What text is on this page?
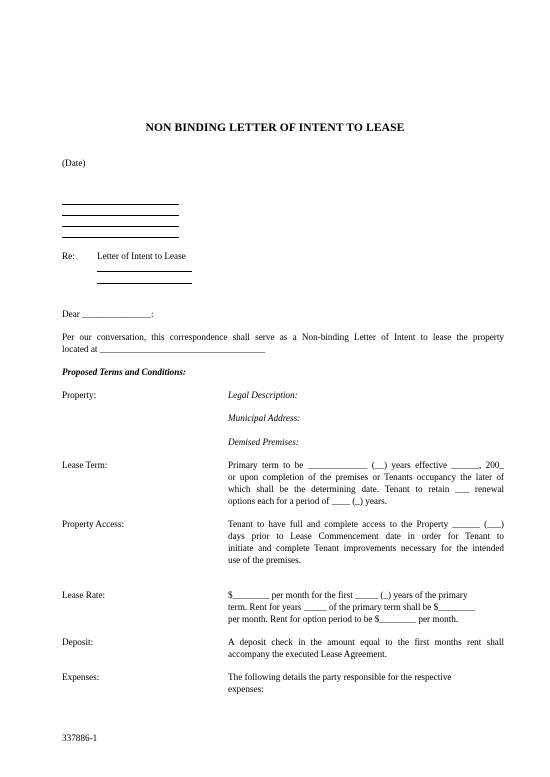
NON BINDING LETTER OF INTENT TO LEASE
(Date)
Re: Letter of Intent to Lease
Dear _______________:
Per our conversation, this correspondence shall serve as a Non-binding Letter of Intent to lease the property
located at ____________________________________
Proposed Terms and Conditions:
Property:	Legal Description:
Municipal Address:
Demised Premises:
Lease Term:	Primary term to be _____________ (__) years effective ______, 200_
or upon completion of the premises or Tenants occupancy the later of
which shall be the determining date. Tenant to retain ___ renewal
options each for a period of ____ (_) years.
Property Access:	Tenant to have full and complete access to the Property ______ (___)
days prior to Lease Commencement date in order for Tenant to
initiate and complete Tenant improvements necessary for the intended
use of the premises.
Lease Rate:	$________ per month for the first _____ (_) years of the primary
term. Rent for years _____ of the primary term shall be $________
per month. Rent for option period to be $________ per month.
Deposit:	A deposit check in the amount equal to the first months rent shall
accompany the executed Lease Agreement.
Expenses:	The following details the party responsible for the respective
expenses:
337886-1
